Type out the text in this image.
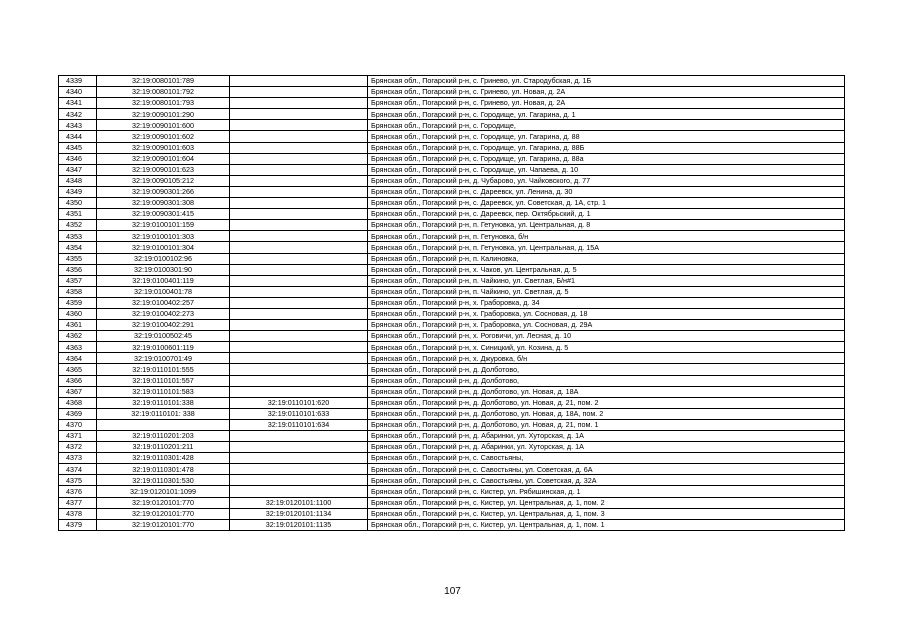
4339	32:19:0080101:789		Брянская обл., Погарский р-н, с. Гринево, ул. Стародубская, д. 1Б
4340	32:19:0080101:792		Брянская обл., Погарский р-н, с. Гринево, ул. Новая, д. 2А
4341	32:19:0080101:793		Брянская обл., Погарский р-н, с. Гринево, ул. Новая, д. 2А
4342	32:19:0090101:290		Брянская обл., Погарский р-н, с. Городище, ул. Гагарина, д. 1
4343	32:19:0090101:600		Брянская обл., Погарский р-н, с. Городище,
4344	32:19:0090101:602		Брянская обл., Погарский р-н, с. Городище, ул. Гагарина, д. 88
4345	32:19:0090101:603		Брянская обл., Погарский р-н, с. Городище, ул. Гагарина, д. 88Б
4346	32:19:0090101:604		Брянская обл., Погарский р-н, с. Городище, ул. Гагарина, д. 88а
4347	32:19:0090101:623		Брянская обл., Погарский р-н, с. Городище, ул. Чапаева, д. 10
4348	32:19:0090105:212		Брянская обл., Погарский р-н, д. Чубарово, ул. Чайковского, д. 77
4349	32:19:0090301:266		Брянская обл., Погарский р-н, с. Дареевск, ул. Ленина, д. 30
4350	32:19:0090301:308		Брянская обл., Погарский р-н, с. Дареевск, ул. Советская, д. 1А, стр. 1
4351	32:19:0090301:415		Брянская обл., Погарский р-н, с. Дареевск, пер. Октябрьский, д. 1
4352	32:19:0100101:159		Брянская обл., Погарский р-н, п. Гетуновка, ул. Центральная, д. 8
4353	32:19:0100101:303		Брянская обл., Погарский р-н, п. Гетуновка, б/н
4354	32:19:0100101:304		Брянская обл., Погарский р-н, п. Гетуновка, ул. Центральная, д. 15А
4355	32:19:0100102:96		Брянская обл., Погарский р-н, п. Калиновка,
4356	32:19:0100301:90		Брянская обл., Погарский р-н, х. Чаков, ул. Центральная, д. 5
4357	32:19:0100401:119		Брянская обл., Погарский р-н, п. Чайкино, ул. Светлая, Б/н#1
4358	32:19:0100401:78		Брянская обл., Погарский р-н, п. Чайкино, ул. Светлая, д. 5
4359	32:19:0100402:257		Брянская обл., Погарский р-н, х. Граборовка, д. 34
4360	32:19:0100402:273		Брянская обл., Погарский р-н, х. Граборовка, ул. Сосновая, д. 18
4361	32:19:0100402:291		Брянская обл., Погарский р-н, х. Граборовка, ул. Сосновая, д. 29А
4362	32:19:0100502:45		Брянская обл., Погарский р-н, х. Роговичи, ул. Лесная, д. 10
4363	32:19:0100601:119		Брянская обл., Погарский р-н, х. Синицкий, ул. Козина, д. 5
4364	32:19:0100701:49		Брянская обл., Погарский р-н, х. Джуровка, б/н
4365	32:19:0110101:555		Брянская обл., Погарский р-н, д. Долботово,
4366	32:19:0110101:557		Брянская обл., Погарский р-н, д. Долботово,
4367	32:19:0110101:583		Брянская обл., Погарский р-н, д. Долботово, ул. Новая, д. 18А
4368	32:19:0110101:338	32:19:0110101:620	Брянская обл., Погарский р-н, д. Долботово, ул. Новая, д. 21, пом. 2
4369	32:19:0110101: 338	32:19:0110101:633	Брянская обл., Погарский р-н, д. Долботово, ул. Новая, д. 18А, пом. 2
4370		32:19:0110101:634	Брянская обл., Погарский р-н, д. Долботово, ул. Новая, д. 21, пом. 1
4371	32:19:0110201:203		Брянская обл., Погарский р-н, д. Абаринки, ул. Хуторская, д. 1А
4372	32:19:0110201:211		Брянская обл., Погарский р-н, д. Абаринки, ул. Хуторская, д. 1А
4373	32:19:0110301:428		Брянская обл., Погарский р-н, с. Савостьяны,
4374	32:19:0110301:478		Брянская обл., Погарский р-н, с. Савостьяны, ул. Советская, д. 6А
4375	32:19:0110301:530		Брянская обл., Погарский р-н, с. Савостьяны, ул. Советская, д. 32А
4376	32:19:0120101:1099		Брянская обл., Погарский р-н, с. Кистер, ул. Рябишинская, д. 1
4377	32:19:0120101:770	32:19:0120101:1100	Брянская обл., Погарский р-н, с. Кистер, ул. Центральная, д. 1, пом. 2
4378	32:19:0120101:770	32:19:0120101:1134	Брянская обл., Погарский р-н, с. Кистер, ул. Центральная, д. 1, пом. 3
4379	32:19:0120101:770	32:19:0120101:1135	Брянская обл., Погарский р-н, с. Кистер, ул. Центральная, д. 1, пом. 1
107
